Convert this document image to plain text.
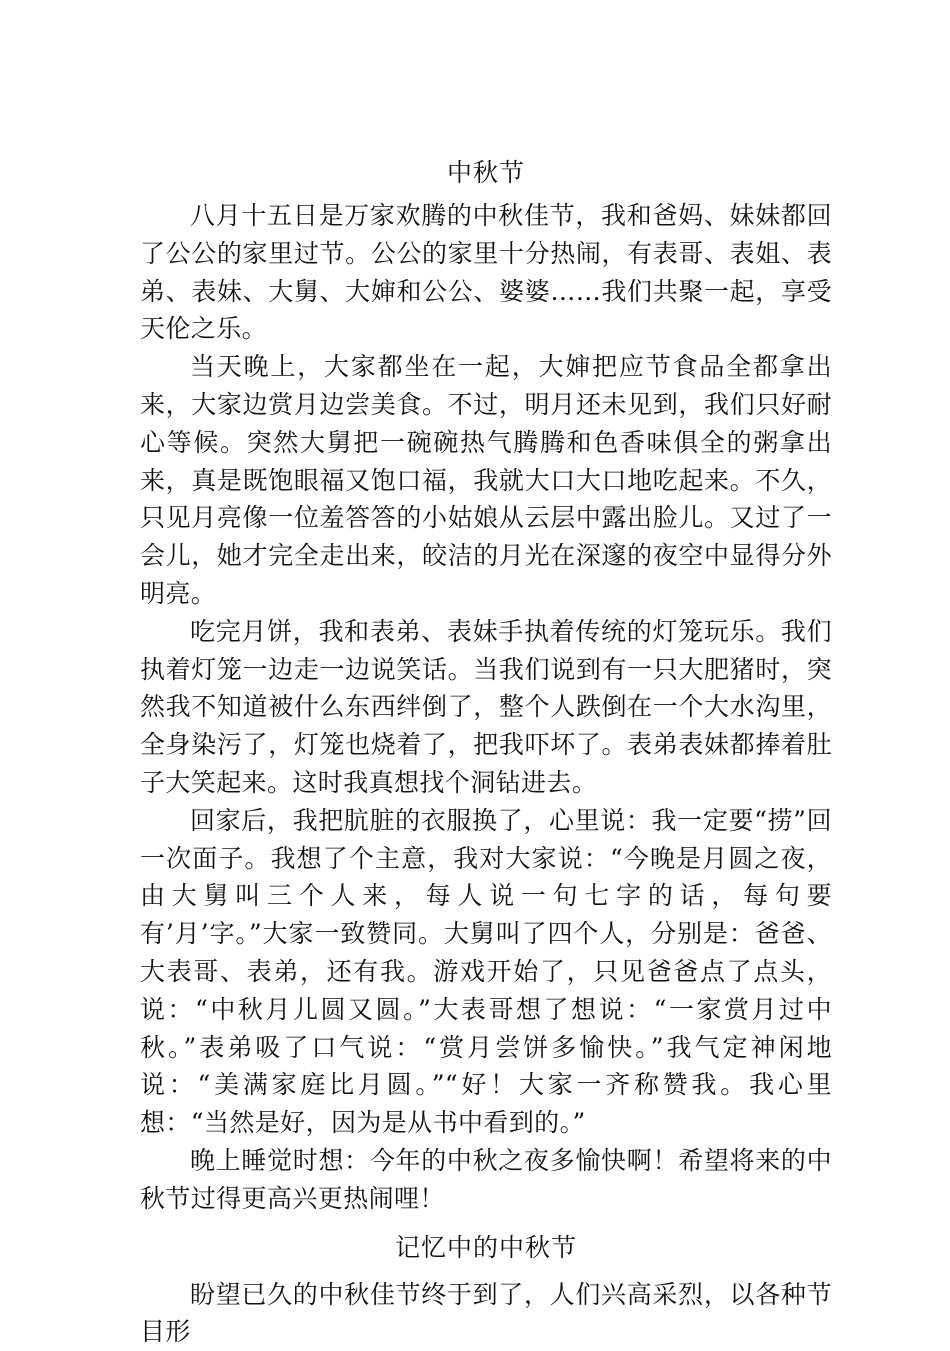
中秋节

八月十五日是万家欢腾的中秋佳节，我和爸妈、妹妹都回了公公的家里过节。公公的家里十分热闹，有表哥、表姐、表弟、表妹、大舅、大婶和公公、婆婆……我们共聚一起，享受天伦之乐。

当天晚上，大家都坐在一起，大婶把应节食品全都拿出来，大家边赏月边尝美食。不过，明月还未见到，我们只好耐心等候。突然大舅把一碗碗热气腾腾和色香味俱全的粥拿出来，真是既饱眼福又饱口福，我就大口大口地吃起来。不久，只见月亮像一位羞答答的小姑娘从云层中露出脸儿。又过了一会儿，她才完全走出来，皎洁的月光在深邃的夜空中显得分外明亮。

吃完月饼，我和表弟、表妹手执着传统的灯笼玩乐。我们执着灯笼一边走一边说笑话。当我们说到有一只大肥猪时，突然我不知道被什么东西绊倒了，整个人跌倒在一个大水沟里，全身染污了，灯笼也烧着了，把我吓坏了。表弟表妹都捧着肚子大笑起来。这时我真想找个洞钻进去。

回家后，我把肮脏的衣服换了，心里说：我一定要“捞”回一次面子。我想了个主意，我对大家说：“今晚是月圆之夜，由大舅叫三个人来，每人说一句七字的话，每句要有’月’字。”大家一致赞同。大舅叫了四个人，分别是：爸爸、大表哥、表弟，还有我。游戏开始了，只见爸爸点了点头，说：“中秋月儿圆又圆。”大表哥想了想说：“一家赏月过中秋。”表弟吸了口气说：“赏月尝饼多愉快。”我气定神闲地说：“美满家庭比月圆。”“好！大家一齐称赞我。我心里想：“当然是好，因为是从书中看到的。”

晚上睡觉时想：今年的中秋之夜多愉快啊！希望将来的中秋节过得更高兴更热闹哩！

记忆中的中秋节

盼望已久的中秋佳节终于到了，人们兴高采烈，以各种节目形
